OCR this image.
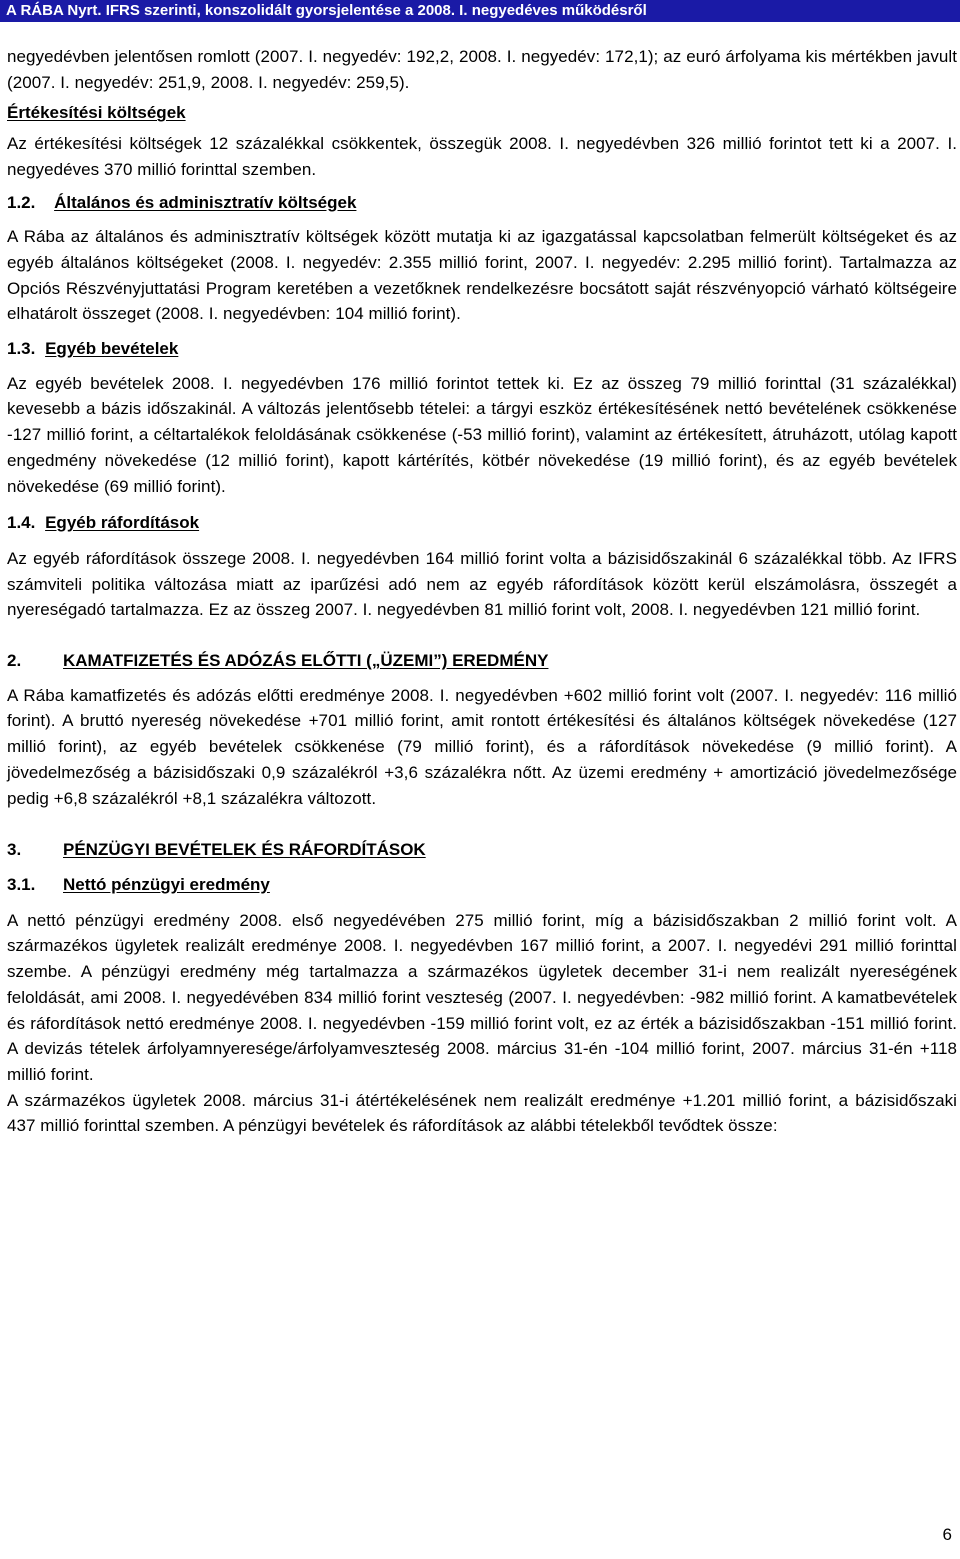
A RÁBA Nyrt. IFRS szerinti, konszolidált gyorsjelentése a 2008. I. negyedéves működésről

negyedévben jelentősen romlott (2007. I. negyedév: 192,2, 2008. I. negyedév: 172,1); az euró árfolyama kis mértékben javult (2007. I. negyedév: 251,9, 2008. I. negyedév: 259,5).

Értékesítési költségek

Az értékesítési költségek 12 százalékkal csökkentek, összegük 2008. I. negyedévben 326 millió forintot tett ki a 2007. I. negyedéves 370 millió forinttal szemben.

1.2. Általános és adminisztratív költségek

A Rába az általános és adminisztratív költségek között mutatja ki az igazgatással kapcsolatban felmerült költségeket és az egyéb általános költségeket (2008. I. negyedév: 2.355 millió forint, 2007. I. negyedév: 2.295 millió forint). Tartalmazza az Opciós Részvényjuttatási Program keretében a vezetőknek rendelkezésre bocsátott saját részvényopció várható költségeire elhatárolt összeget (2008. I. negyedévben: 104 millió forint).

1.3. Egyéb bevételek

Az egyéb bevételek 2008. I. negyedévben 176 millió forintot tettek ki. Ez az összeg 79 millió forinttal (31 százalékkal) kevesebb a bázis időszakinál. A változás jelentősebb tételei: a tárgyi eszköz értékesítésének nettó bevételének csökkenése -127 millió forint, a céltartalékok feloldásának csökkenése (-53 millió forint), valamint az értékesített, átruházott, utólag kapott engedmény növekedése (12 millió forint), kapott kártérítés, kötbér növekedése (19 millió forint), és az egyéb bevételek növekedése (69 millió forint).

1.4. Egyéb ráfordítások

Az egyéb ráfordítások összege 2008. I. negyedévben 164 millió forint volta a bázisidőszakinál 6 százalékkal több. Az IFRS számviteli politika változása miatt az iparűzési adó nem az egyéb ráfordítások között kerül elszámolásra, összegét a nyereségadó tartalmazza. Ez az összeg 2007. I. negyedévben 81 millió forint volt, 2008. I. negyedévben 121 millió forint.

2. KAMATFIZETÉS ÉS ADÓZÁS ELŐTTI („ÜZEMI”) EREDMÉNY

A Rába kamatfizetés és adózás előtti eredménye 2008. I. negyedévben +602 millió forint volt (2007. I. negyedév: 116 millió forint). A bruttó nyereség növekedése +701 millió forint, amit rontott értékesítési és általános költségek növekedése (127 millió forint), az egyéb bevételek csökkenése (79 millió forint), és a ráfordítások növekedése (9 millió forint). A jövedelmezőség a bázisidőszaki 0,9 százalékról +3,6 százalékra nőtt. Az üzemi eredmény + amortizáció jövedelmezősége pedig +6,8 százalékról +8,1 százalékra változott.

3. PÉNZÜGYI BEVÉTELEK ÉS RÁFORDÍTÁSOK
3.1. Nettó pénzügyi eredmény

A nettó pénzügyi eredmény 2008. első negyedévében 275 millió forint, míg a bázisidőszakban 2 millió forint volt. A származékos ügyletek realizált eredménye 2008. I. negyedévben 167 millió forint, a 2007. I. negyedévi 291 millió forinttal szembe. A pénzügyi eredmény még tartalmazza a származékos ügyletek december 31-i nem realizált nyereségének feloldását, ami 2008. I. negyedévében 834 millió forint veszteség (2007. I. negyedévben: -982 millió forint. A kamatbevételek és ráfordítások nettó eredménye 2008. I. negyedévben -159 millió forint volt, ez az érték a bázisidőszakban -151 millió forint. A devizás tételek árfolyamnyeresége/árfolyamveszteség 2008. március 31-én -104 millió forint, 2007. március 31-én +118 millió forint.

A származékos ügyletek 2008. március 31-i átértékelésének nem realizált eredménye +1.201 millió forint, a bázisidőszaki 437 millió forinttal szemben. A pénzügyi bevételek és ráfordítások az alábbi tételekből tevődtek össze:

6
